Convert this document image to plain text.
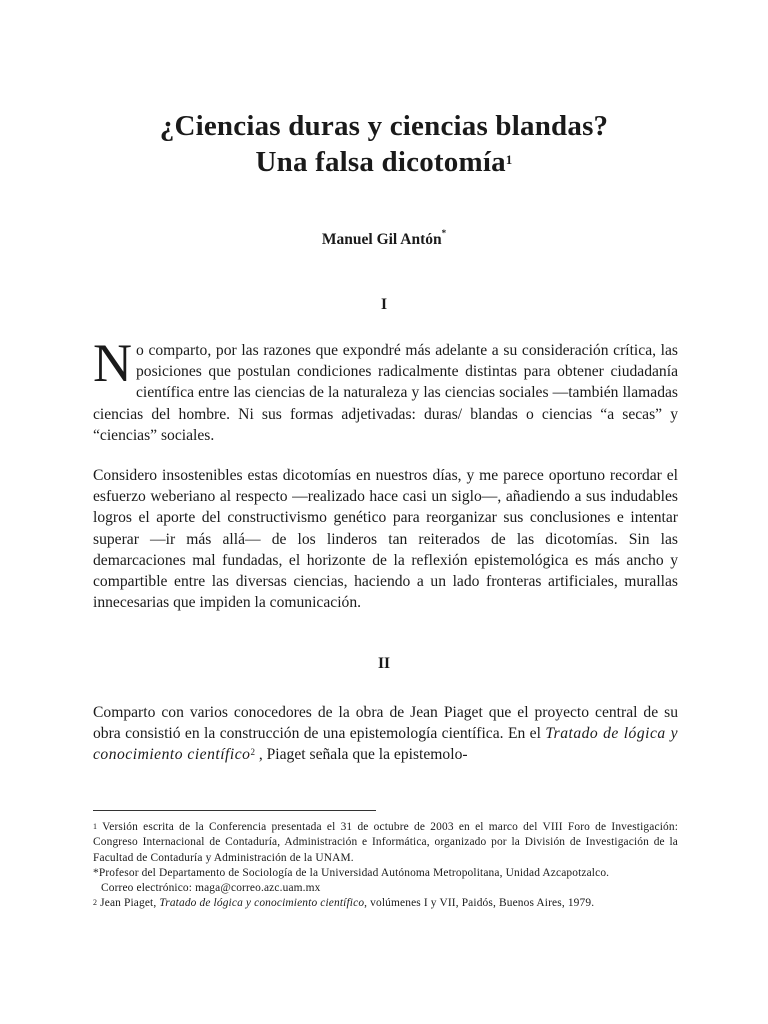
¿Ciencias duras y ciencias blandas?
Una falsa dicotomía$^1$

Manuel Gil Antón*

I

No comparto, por las razones que expondré más adelante a su consideración crítica, las posiciones que postulan condiciones radicalmente distintas para obtener ciudadanía científica entre las ciencias de la naturaleza y las ciencias sociales —también llamadas ciencias del hombre. Ni sus formas adjetivadas: duras/ blandas o ciencias “a secas” y “ciencias” sociales.

Considero insostenibles estas dicotomías en nuestros días, y me parece oportuno recordar el esfuerzo weberiano al respecto —realizado hace casi un siglo—, añadiendo a sus indudables logros el aporte del constructivismo genético para reorganizar sus conclusiones e intentar superar —ir más allá— de los linderos tan reiterados de las dicotomías. Sin las demarcaciones mal fundadas, el horizonte de la reflexión epistemológica es más ancho y compartible entre las diversas ciencias, haciendo a un lado fronteras artificiales, murallas innecesarias que impiden la comunicación.

II

Comparto con varios conocedores de la obra de Jean Piaget que el proyecto central de su obra consistió en la construcción de una epistemología científica. En el Tratado de lógica y conocimiento científico$^2$ , Piaget señala que la epistemolo-

$^1$ Versión escrita de la Conferencia presentada el 31 de octubre de 2003 en el marco del VIII Foro de Investigación: Congreso Internacional de Contaduría, Administración e Informática, organizado por la División de Investigación de la Facultad de Contaduría y Administración de la UNAM.

*Profesor del Departamento de Sociología de la Universidad Autónoma Metropolitana, Unidad Azcapotzalco.
Correo electrónico: maga@correo.azc.uam.mx

$^2$ Jean Piaget, Tratado de lógica y conocimiento científico, volúmenes I y VII, Paidós, Buenos Aires, 1979.
